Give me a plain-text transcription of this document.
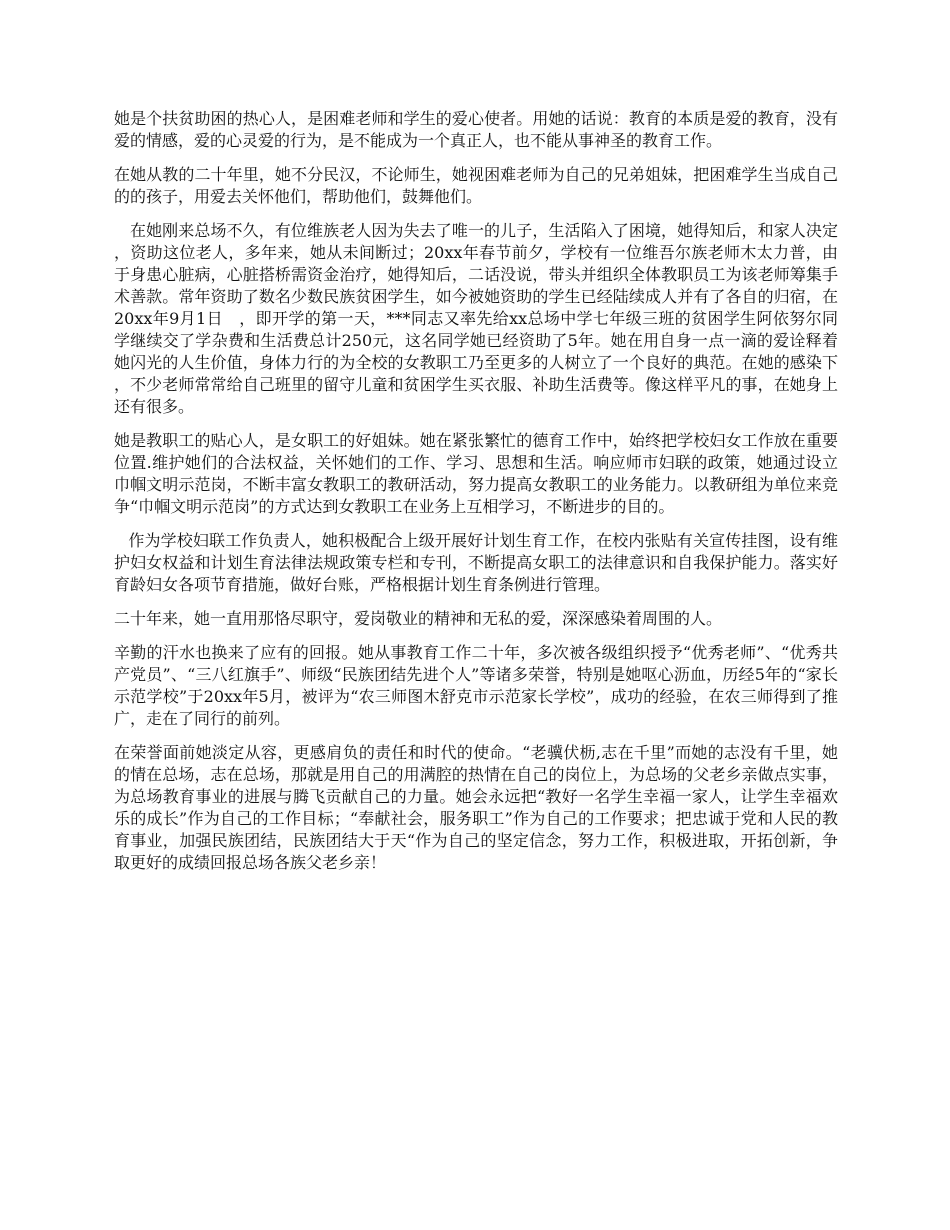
她是个扶贫助困的热心人，是困难老师和学生的爱心使者。用她的话说：教育的本质是爱的教育，没有爱的情感，爱的心灵爱的行为，是不能成为一个真正人，也不能从事神圣的教育工作。

在她从教的二十年里，她不分民汉，不论师生，她视困难老师为自己的兄弟姐妹，把困难学生当成自己的的孩子，用爱去关怀他们，帮助他们，鼓舞他们。

在她刚来总场不久，有位维族老人因为失去了唯一的儿子，生活陷入了困境，她得知后，和家人决定，资助这位老人，多年来，她从未间断过；20xx年春节前夕，学校有一位维吾尔族老师木太力普，由于身患心脏病，心脏搭桥需资金治疗，她得知后，二话没说，带头并组织全体教职员工为该老师筹集手术善款。常年资助了数名少数民族贫困学生，如今被她资助的学生已经陆续成人并有了各自的归宿，在　20xx年9月1日　，即开学的第一天，***同志又率先给xx总场中学七年级三班的贫困学生阿依努尔同学继续交了学杂费和生活费总计250元，这名同学她已经资助了5年。她在用自身一点一滴的爱诠释着她闪光的人生价值，身体力行的为全校的女教职工乃至更多的人树立了一个良好的典范。在她的感染下，不少老师常常给自己班里的留守儿童和贫困学生买衣服、补助生活费等。像这样平凡的事，在她身上还有很多。

她是教职工的贴心人，是女职工的好姐妹。她在紧张繁忙的德育工作中，始终把学校妇女工作放在重要位置.维护她们的合法权益，关怀她们的工作、学习、思想和生活。响应师市妇联的政策，她通过设立巾帼文明示范岗，不断丰富女教职工的教研活动，努力提高女教职工的业务能力。以教研组为单位来竞争“巾帼文明示范岗”的方式达到女教职工在业务上互相学习，不断进步的目的。

作为学校妇联工作负责人，她积极配合上级开展好计划生育工作，在校内张贴有关宣传挂图，设有维护妇女权益和计划生育法律法规政策专栏和专刊，不断提高女职工的法律意识和自我保护能力。落实好育龄妇女各项节育措施，做好台账，严格根据计划生育条例进行管理。

二十年来，她一直用那恪尽职守，爱岗敬业的精神和无私的爱，深深感染着周围的人。

辛勤的汗水也换来了应有的回报。她从事教育工作二十年，多次被各级组织授予“优秀老师”、“优秀共产党员”、“三八红旗手”、师级“民族团结先进个人”等诸多荣誉，特别是她呕心沥血，历经5年的“家长示范学校”于20xx年5月，被评为“农三师图木舒克市示范家长学校”，成功的经验，在农三师得到了推广，走在了同行的前列。

在荣誉面前她淡定从容，更感肩负的责任和时代的使命。“老骥伏枥,志在千里”而她的志没有千里，她的情在总场，志在总场，那就是用自己的用满腔的热情在自己的岗位上，为总场的父老乡亲做点实事，为总场教育事业的进展与腾飞贡献自己的力量。她会永远把“教好一名学生幸福一家人，让学生幸福欢乐的成长”作为自己的工作目标；“奉献社会，服务职工”作为自己的工作要求；把忠诚于党和人民的教育事业，加强民族团结，民族团结大于天“作为自己的坚定信念，努力工作，积极进取，开拓创新，争取更好的成绩回报总场各族父老乡亲！
